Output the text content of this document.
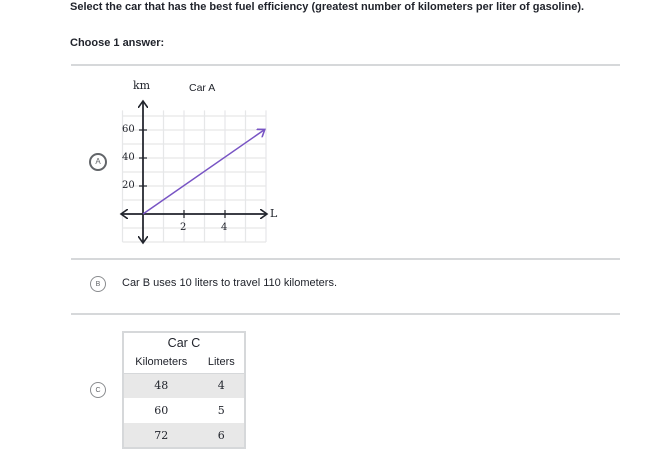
Select the car that has the best fuel efficiency (greatest number of kilometers per liter of gasoline).
Choose 1 answer:
A
km	Car A
60
40
20
2	4
L
B Car B uses 10 liters to travel 110 kilometers.
C
Car C	
Kilometers	Liters
48	4
60	5
72	6
